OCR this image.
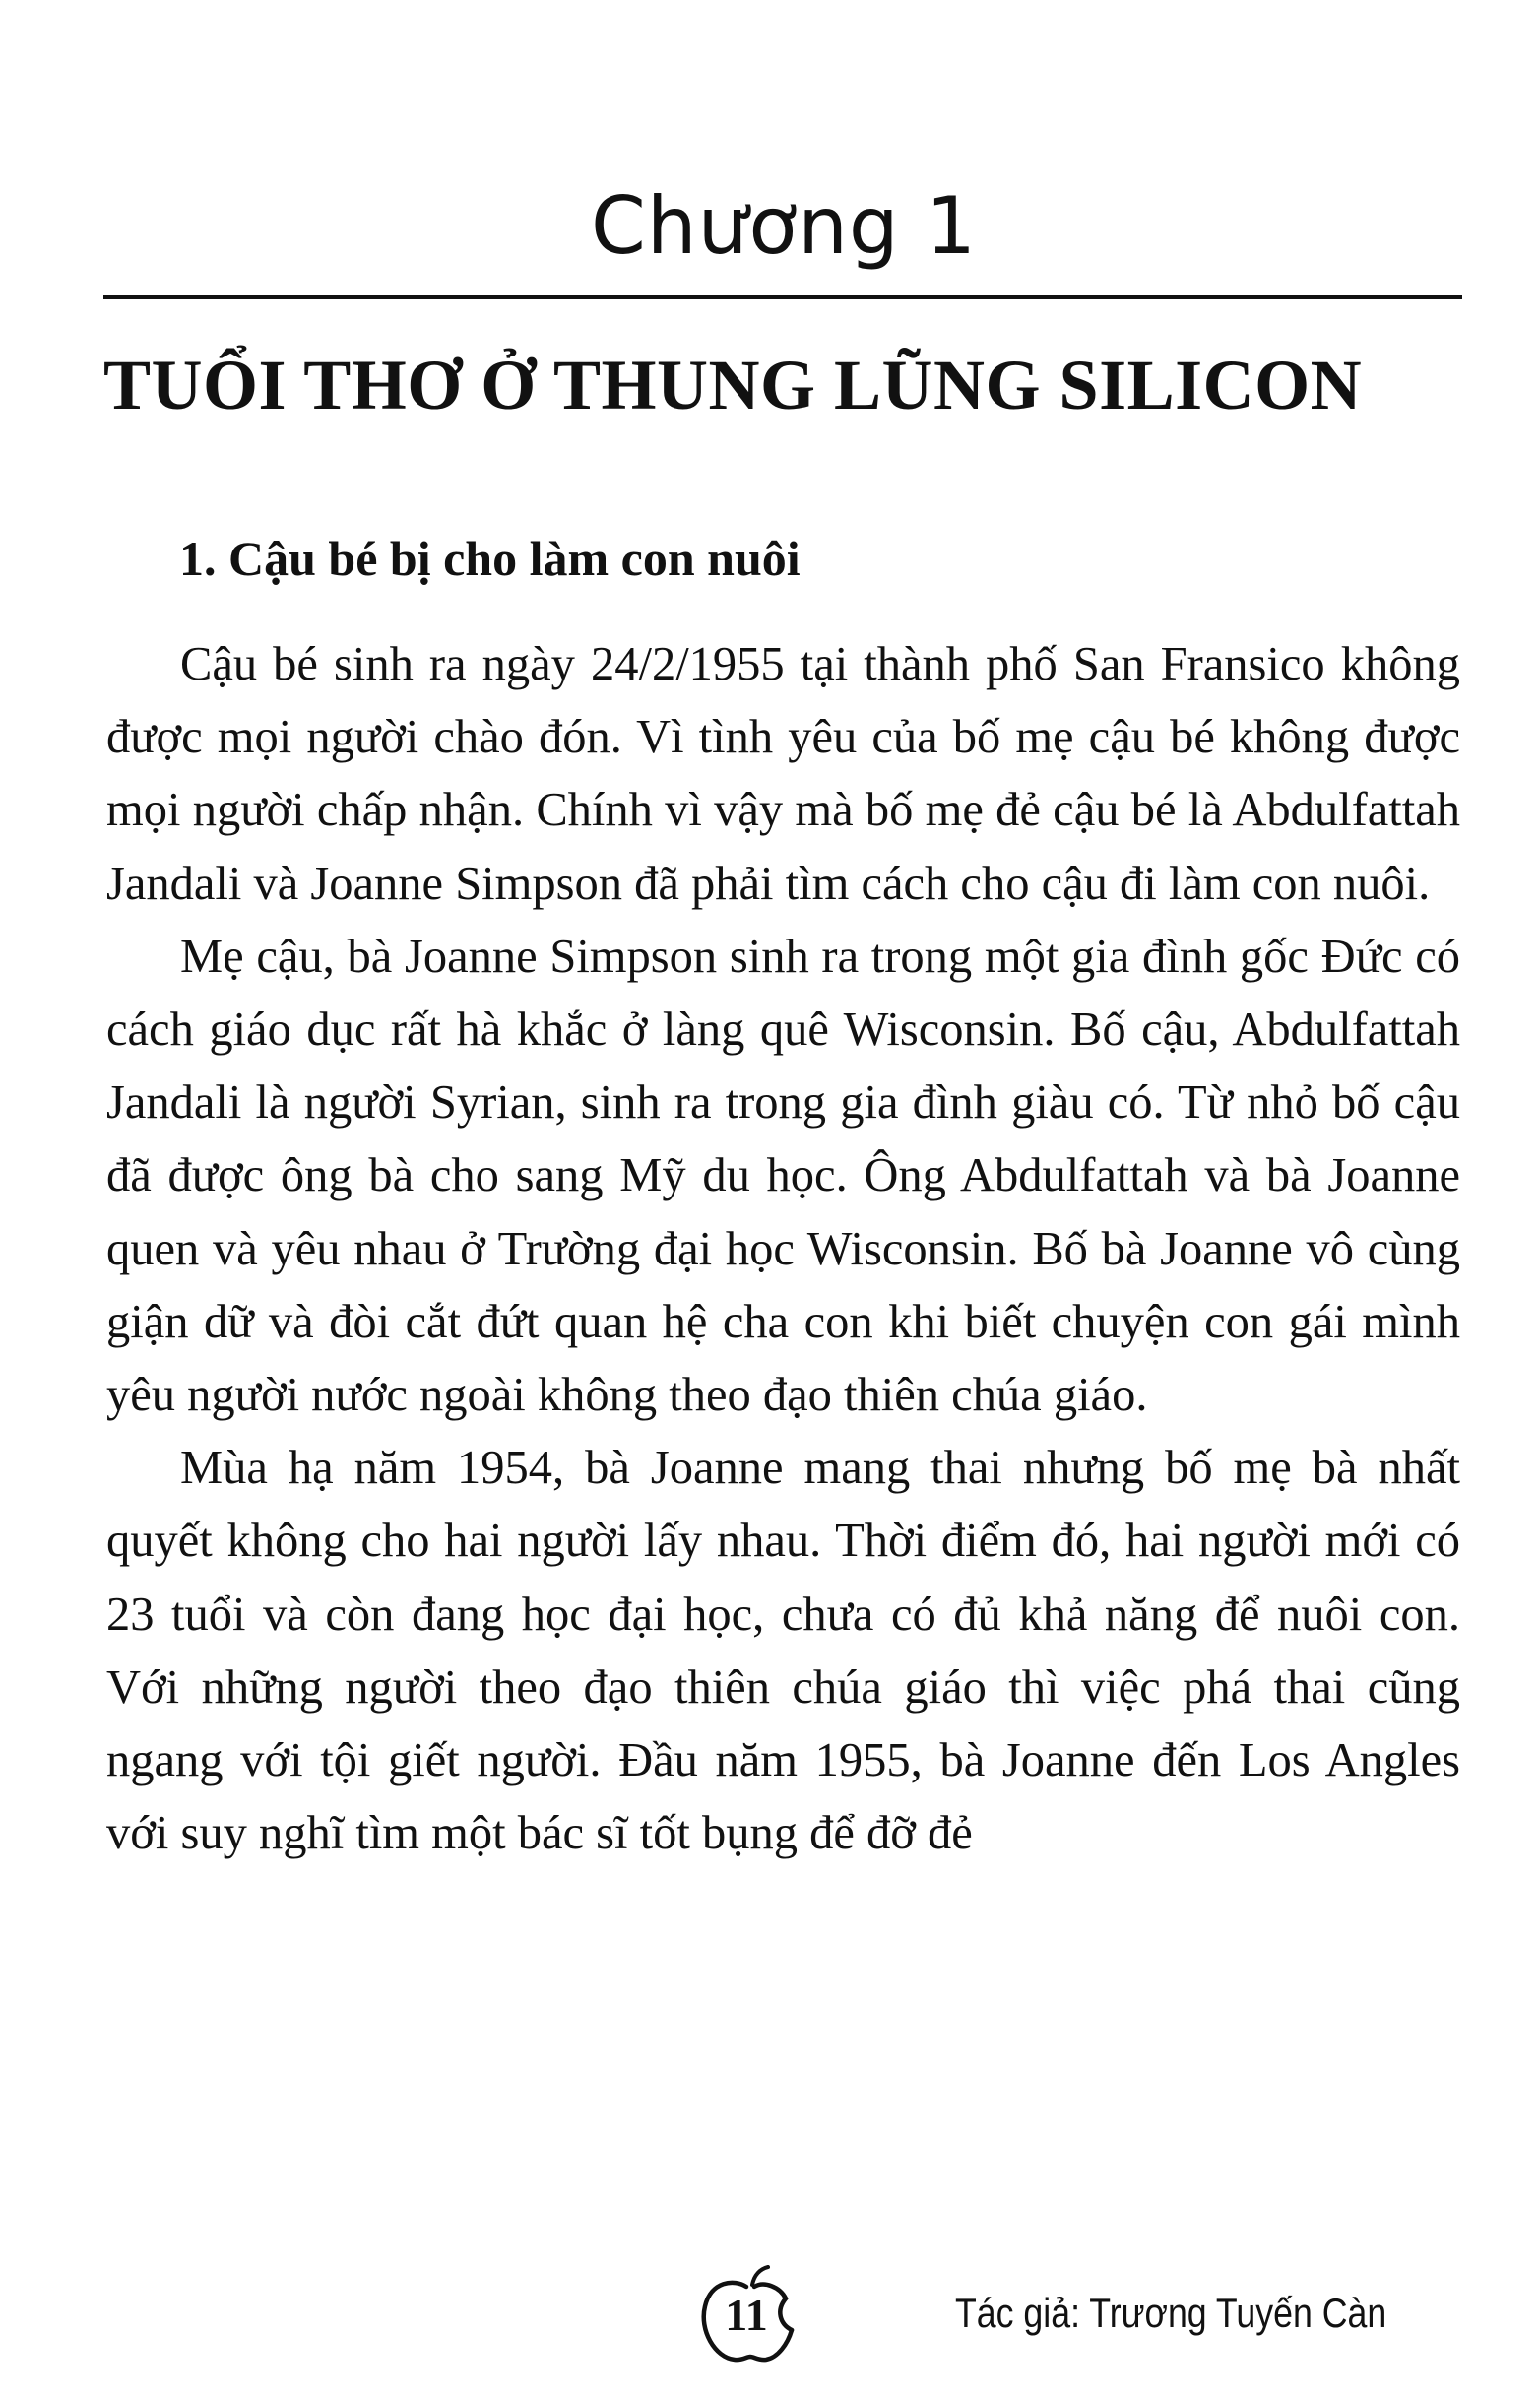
Chương 1
TUỔI THƠ Ở THUNG LŨNG SILICON
1. Cậu bé bị cho làm con nuôi

Cậu bé sinh ra ngày 24/2/1955 tại thành phố San Fransico không được mọi người chào đón. Vì tình yêu của bố mẹ cậu bé không được mọi người chấp nhận. Chính vì vậy mà bố mẹ đẻ cậu bé là Abdulfattah Jandali và Joanne Simpson đã phải tìm cách cho cậu đi làm con nuôi.

Mẹ cậu, bà Joanne Simpson sinh ra trong một gia đình gốc Đức có cách giáo dục rất hà khắc ở làng quê Wisconsin. Bố cậu, Abdulfattah Jandali là người Syrian, sinh ra trong gia đình giàu có. Từ nhỏ bố cậu đã được ông bà cho sang Mỹ du học. Ông Abdulfattah và bà Joanne quen và yêu nhau ở Trường đại học Wisconsin. Bố bà Joanne vô cùng giận dữ và đòi cắt đứt quan hệ cha con khi biết chuyện con gái mình yêu người nước ngoài không theo đạo thiên chúa giáo.

Mùa hạ năm 1954, bà Joanne mang thai nhưng bố mẹ bà nhất quyết không cho hai người lấy nhau. Thời điểm đó, hai người mới có 23 tuổi và còn đang học đại học, chưa có đủ khả năng để nuôi con. Với những người theo đạo thiên chúa giáo thì việc phá thai cũng ngang với tội giết người. Đầu năm 1955, bà Joanne đến Los Angles với suy nghĩ tìm một bác sĩ tốt bụng để đỡ đẻ

11	Tác giả: Trương Tuyến Càn
